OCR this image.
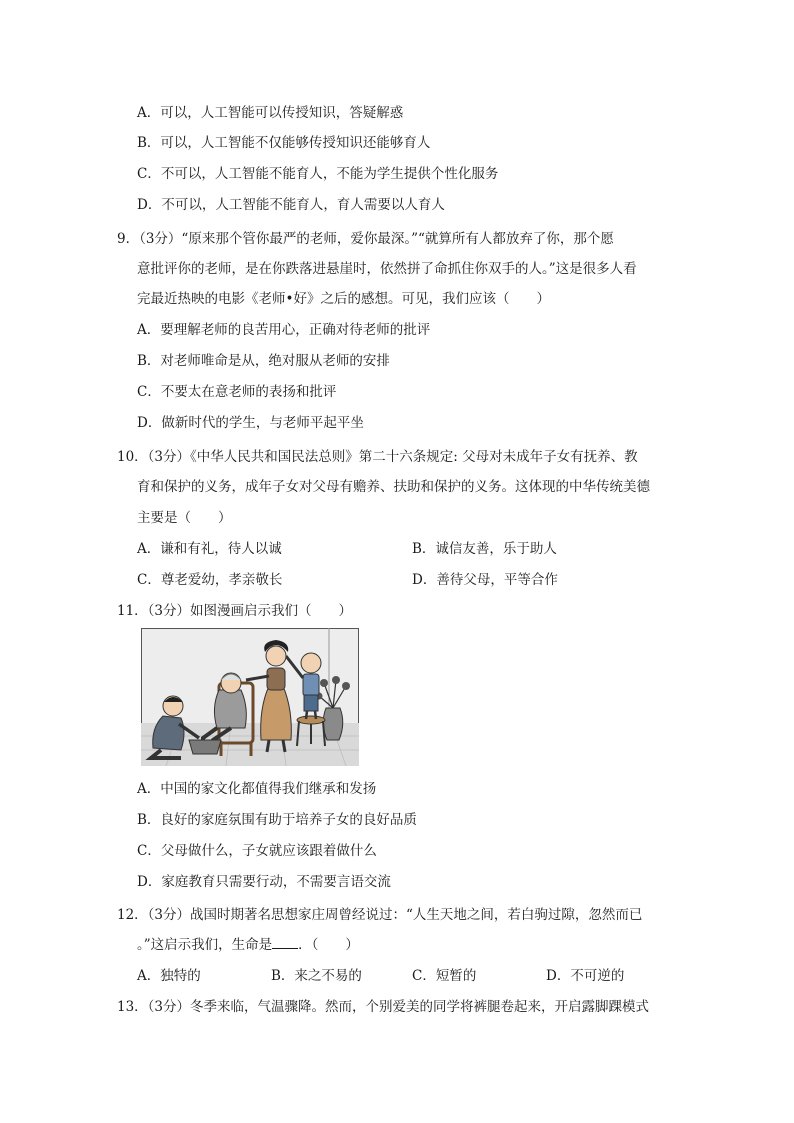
A．可以，人工智能可以传授知识，答疑解惑
B．可以，人工智能不仅能够传授知识还能够育人
C．不可以，人工智能不能育人，不能为学生提供个性化服务
D．不可以，人工智能不能育人，育人需要以人育人
9．（3分）“原来那个管你最严的老师，爱你最深。”“就算所有人都放弃了你，那个愿
意批评你的老师，是在你跌落进悬崖时，依然拼了命抓住你双手的人。”这是很多人看
完最近热映的电影《老师•好》之后的感想。可见，我们应该（　　）
A．要理解老师的良苦用心，正确对待老师的批评
B．对老师唯命是从，绝对服从老师的安排
C．不要太在意老师的表扬和批评
D．做新时代的学生，与老师平起平坐
10．（3分）《中华人民共和国民法总则》第二十六条规定: 父母对未成年子女有抚养、教
育和保护的义务，成年子女对父母有赡养、扶助和保护的义务。这体现的中华传统美德
主要是（　　）
A．谦和有礼，待人以诚	B．诚信友善，乐于助人
C．尊老爱幼，孝亲敬长	D．善待父母，平等合作
11．（3分）如图漫画启示我们（　　）
A．中国的家文化都值得我们继承和发扬
B．良好的家庭氛围有助于培养子女的良好品质
C．父母做什么，子女就应该跟着做什么
D．家庭教育只需要行动，不需要言语交流
12．（3分）战国时期著名思想家庄周曾经说过：“人生天地之间，若白驹过隙，忽然而已
。”这启示我们，生命是 ．（　　）
A．独特的	B．来之不易的	C．短暂的	D．不可逆的
13．（3分）冬季来临，气温骤降。然而，个别爱美的同学将裤腿卷起来，开启露脚踝模式
